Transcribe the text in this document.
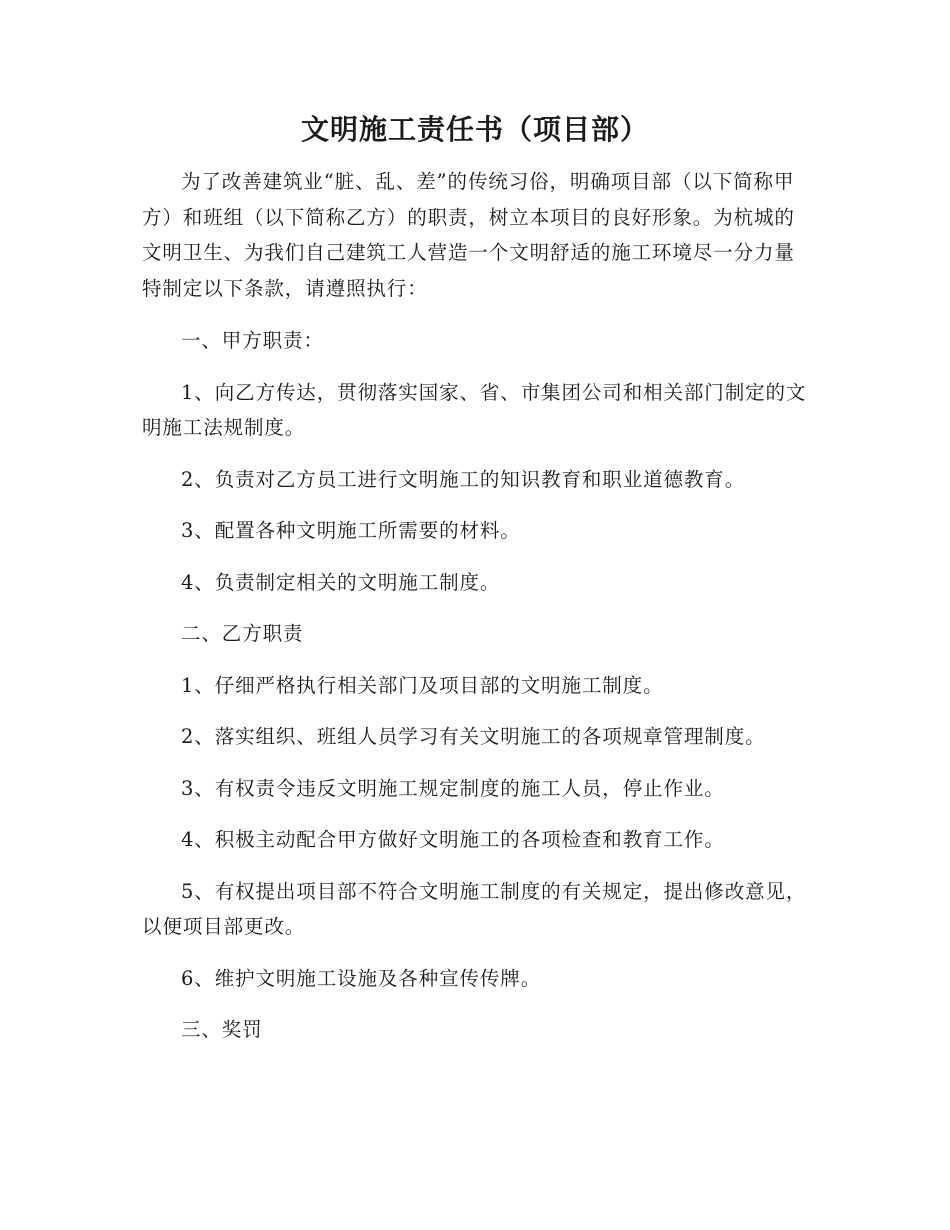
文明施工责任书（项目部）

为了改善建筑业“脏、乱、差”的传统习俗，明确项目部（以下简称甲方）和班组（以下简称乙方）的职责，树立本项目的良好形象。为杭城的文明卫生、为我们自己建筑工人营造一个文明舒适的施工环境尽一分力量特制定以下条款，请遵照执行：

一、甲方职责：

1、向乙方传达，贯彻落实国家、省、市集团公司和相关部门制定的文明施工法规制度。

2、负责对乙方员工进行文明施工的知识教育和职业道德教育。

3、配置各种文明施工所需要的材料。

4、负责制定相关的文明施工制度。

二、乙方职责

1、仔细严格执行相关部门及项目部的文明施工制度。

2、落实组织、班组人员学习有关文明施工的各项规章管理制度。

3、有权责令违反文明施工规定制度的施工人员，停止作业。

4、积极主动配合甲方做好文明施工的各项检查和教育工作。

5、有权提出项目部不符合文明施工制度的有关规定，提出修改意见，以便项目部更改。

6、维护文明施工设施及各种宣传传牌。

三、奖罚
